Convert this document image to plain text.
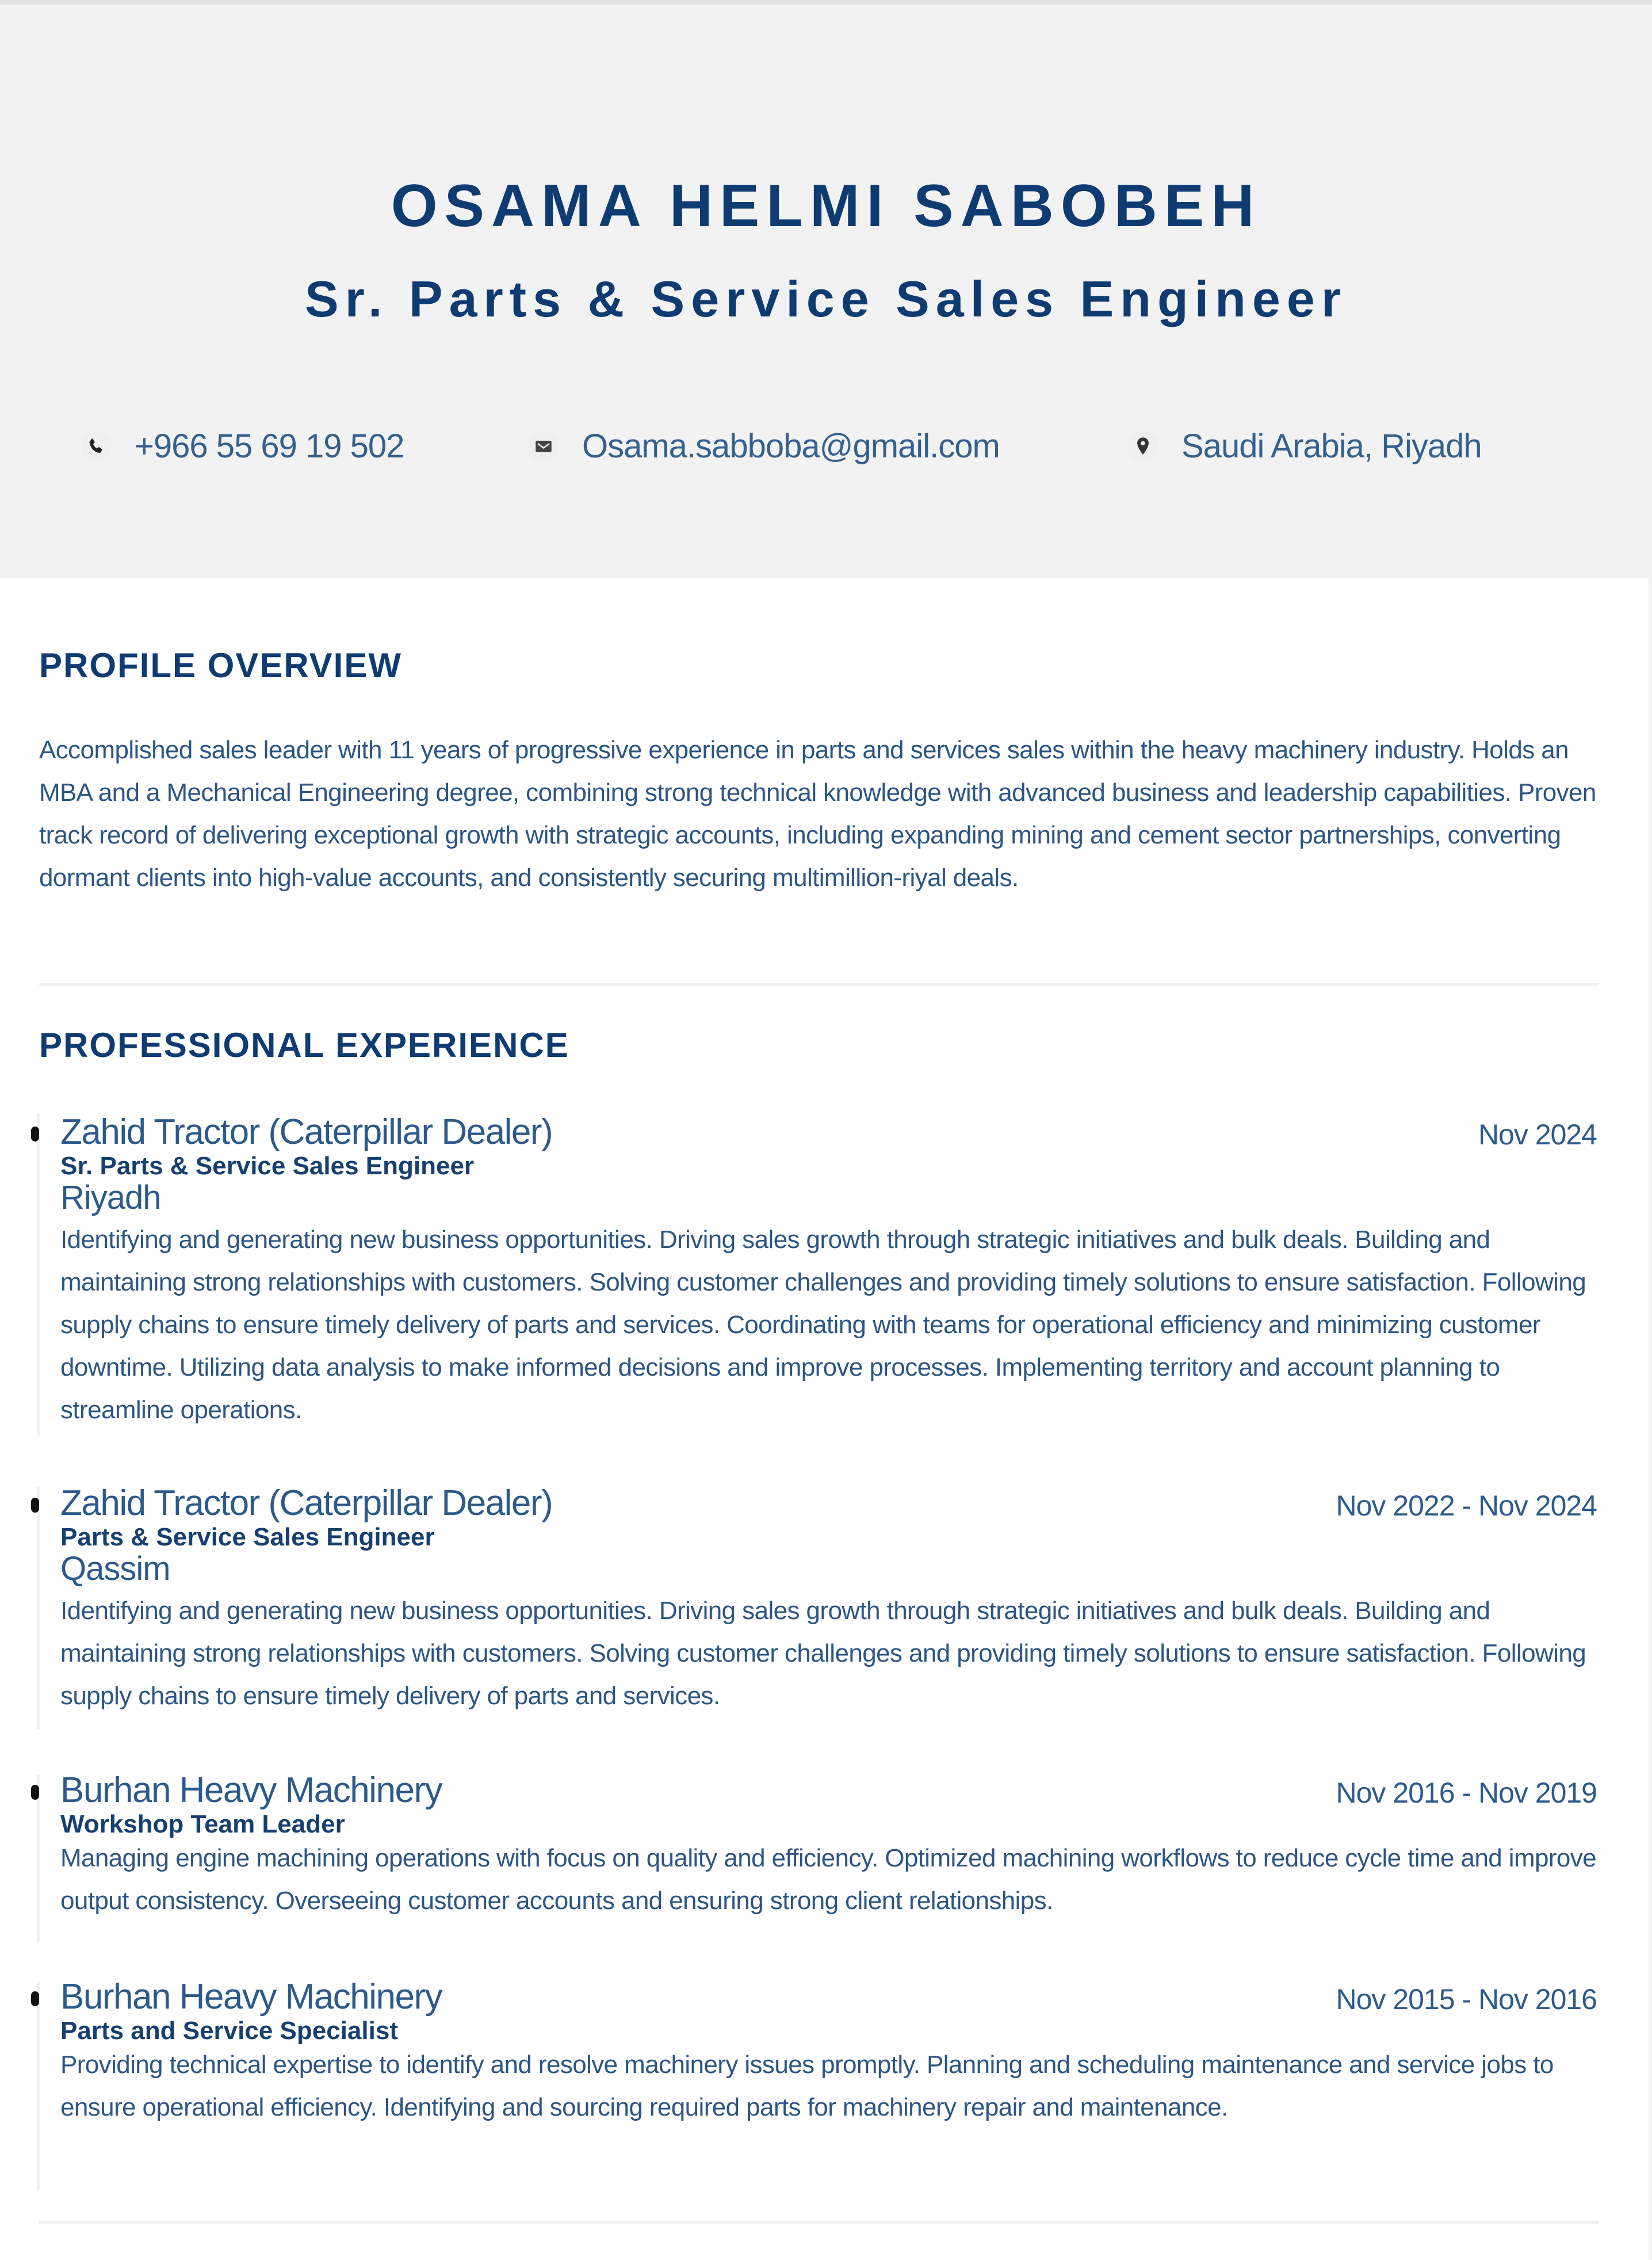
OSAMA HELMI SABOBEH
Sr. Parts & Service Sales Engineer
+966 55 69 19 502	Osama.sabboba@gmail.com	Saudi Arabia, Riyadh
PROFILE OVERVIEW

Accomplished sales leader with 11 years of progressive experience in parts and services sales within the heavy machinery industry. Holds an MBA and a Mechanical Engineering degree, combining strong technical knowledge with advanced business and leadership capabilities. Proven track record of delivering exceptional growth with strategic accounts, including expanding mining and cement sector partnerships, converting dormant clients into high-value accounts, and consistently securing multimillion-riyal deals.

PROFESSIONAL EXPERIENCE
Zahid Tractor (Caterpillar Dealer)	Nov 2024
Sr. Parts & Service Sales Engineer
Riyadh
Identifying and generating new business opportunities. Driving sales growth through strategic initiatives and bulk deals. Building and maintaining strong relationships with customers. Solving customer challenges and providing timely solutions to ensure satisfaction. Following supply chains to ensure timely delivery of parts and services. Coordinating with teams for operational efficiency and minimizing customer downtime. Utilizing data analysis to make informed decisions and improve processes. Implementing territory and account planning to streamline operations.
Zahid Tractor (Caterpillar Dealer)	Nov 2022 - Nov 2024
Parts & Service Sales Engineer
Qassim
Identifying and generating new business opportunities. Driving sales growth through strategic initiatives and bulk deals. Building and maintaining strong relationships with customers. Solving customer challenges and providing timely solutions to ensure satisfaction. Following supply chains to ensure timely delivery of parts and services.
Burhan Heavy Machinery	Nov 2016 - Nov 2019
Workshop Team Leader
Managing engine machining operations with focus on quality and efficiency. Optimized machining workflows to reduce cycle time and improve output consistency. Overseeing customer accounts and ensuring strong client relationships.
Burhan Heavy Machinery	Nov 2015 - Nov 2016
Parts and Service Specialist
Providing technical expertise to identify and resolve machinery issues promptly. Planning and scheduling maintenance and service jobs to ensure operational efficiency. Identifying and sourcing required parts for machinery repair and maintenance.
